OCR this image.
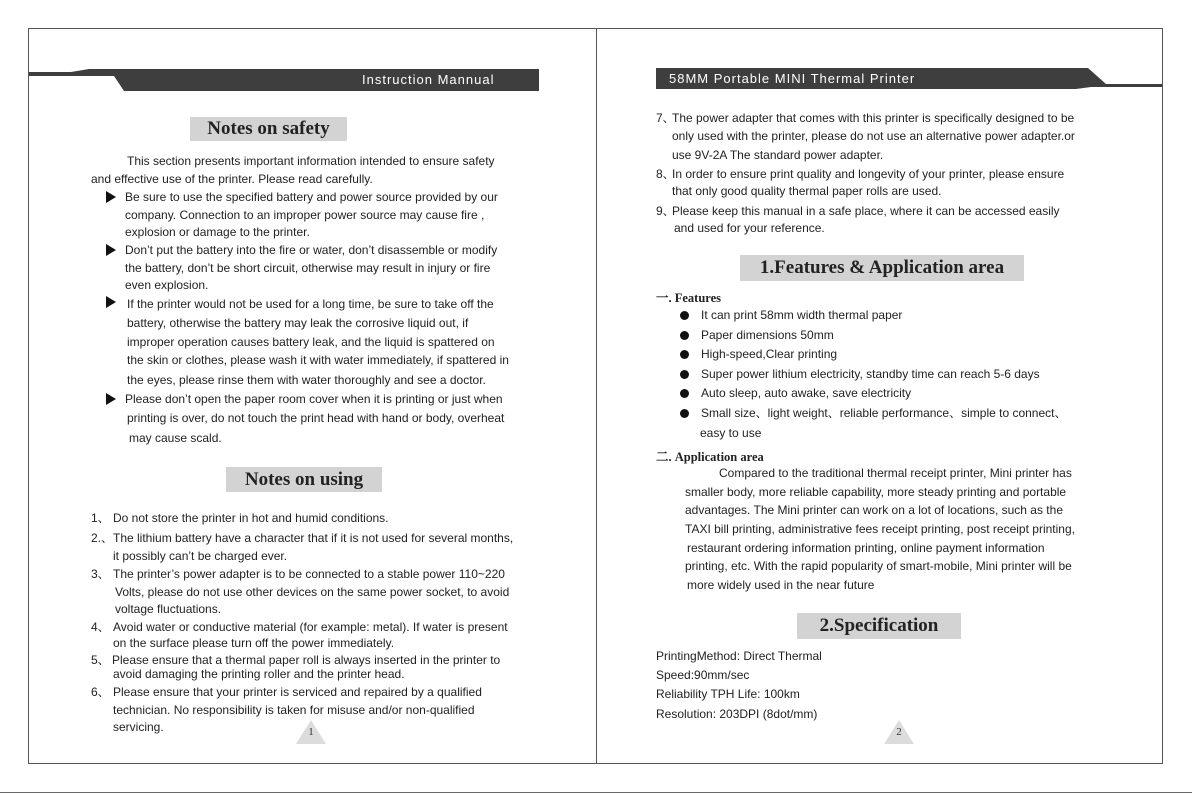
Instruction Mannual	58MM Portable MINI Thermal Printer
Notes on safety
This section presents important information intended to ensure safety
and effective use of the printer. Please read carefully.
Be sure to use the specified battery and power source provided by our
company. Connection to an improper power source may cause fire ,
explosion or damage to the printer.
Don’t put the battery into the fire or water, don’t disassemble or modify
the battery, don’t be short circuit, otherwise may result in injury or fire
even explosion.
If the printer would not be used for a long time, be sure to take off the
battery, otherwise the battery may leak the corrosive liquid out, if
improper operation causes battery leak, and the liquid is spattered on
the skin or clothes, please wash it with water immediately, if spattered in
the eyes, please rinse them with water thoroughly and see a doctor.
Please don’t open the paper room cover when it is printing or just when
printing is over, do not touch the print head with hand or body, overheat
may cause scald.
Notes on using
1、 Do not store the printer in hot and humid conditions.
2.、 The lithium battery have a character that if it is not used for several months,
it possibly can’t be charged ever.
3、 The printer’s power adapter is to be connected to a stable power 110~220
Volts, please do not use other devices on the same power socket, to avoid
voltage fluctuations.
4、 Avoid water or conductive material (for example: metal). If water is present
on the surface please turn off the power immediately.
5、 Please ensure that a thermal paper roll is always inserted in the printer to
avoid damaging the printing roller and the printer head.
6、 Please ensure that your printer is serviced and repaired by a qualified
technician. No responsibility is taken for misuse and/or non-qualified
servicing.	1
7、
The power adapter that comes with this printer is specifically designed to be
only used with the printer, please do not use an alternative power adapter.or
use 9V-2A The standard power adapter.
8、
In order to ensure print quality and longevity of your printer, please ensure
that only good quality thermal paper rolls are used.
9、
Please keep this manual in a safe place, where it can be accessed easily
and used for your reference.
1.Features & Application area
一. Features
It can print 58mm width thermal paper
Paper dimensions 50mm
High-speed,Clear printing
Super power lithium electricity, standby time can reach 5-6 days
Auto sleep, auto awake, save electricity
Small size、light weight、reliable performance、simple to connect、
easy to use
二. Application area
Compared to the traditional thermal receipt printer, Mini printer has
smaller body, more reliable capability, more steady printing and portable
advantages. The Mini printer can work on a lot of locations, such as the
TAXI bill printing, administrative fees receipt printing, post receipt printing,
restaurant ordering information printing, online payment information
printing, etc. With the rapid popularity of smart-mobile, Mini printer will be
more widely used in the near future
2.Specification
PrintingMethod: Direct Thermal
Speed:90mm/sec
Reliability TPH Life: 100km
Resolution: 203DPI (8dot/mm)
2
